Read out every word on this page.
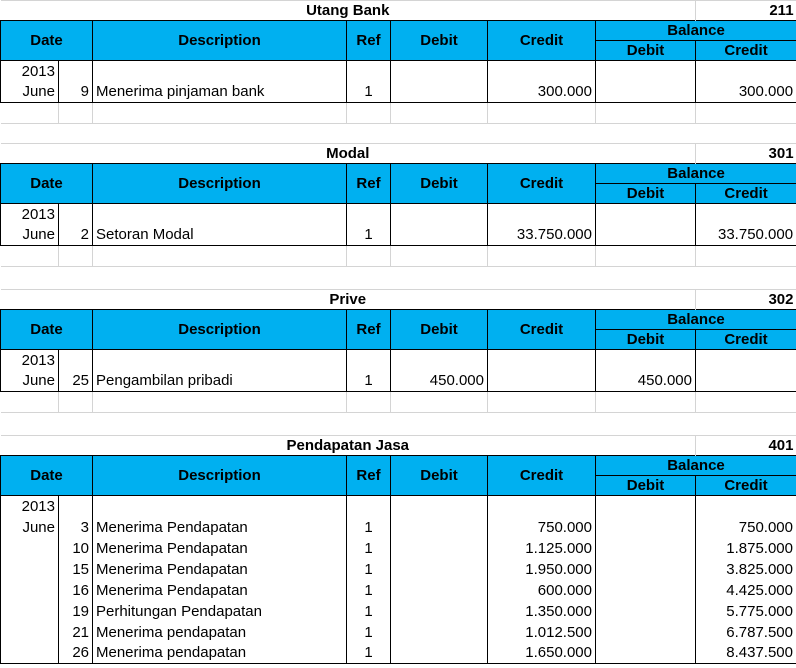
Utang Bank							211
Date		Description	Ref	Debit	Credit	Balance	
						Debit	Credit
2013							
June	9	Menerima pinjaman bank	1		300.000		300.000

Modal							301
Date		Description	Ref	Debit	Credit	Balance	
						Debit	Credit
2013							
June	2	Setoran Modal	1		33.750.000		33.750.000

Prive							302
Date		Description	Ref	Debit	Credit	Balance	
						Debit	Credit
2013							
June	25	Pengambilan pribadi	1	450.000		450.000	

Pendapatan Jasa							401
Date		Description	Ref	Debit	Credit	Balance	
						Debit	Credit
2013							
June	3	Menerima Pendapatan	1		750.000		750.000
	10	Menerima Pendapatan	1		1.125.000		1.875.000
	15	Menerima Pendapatan	1		1.950.000		3.825.000
	16	Menerima Pendapatan	1		600.000		4.425.000
	19	Perhitungan Pendapatan	1		1.350.000		5.775.000
	21	Menerima pendapatan	1		1.012.500		6.787.500
	26	Menerima pendapatan	1		1.650.000		8.437.500
